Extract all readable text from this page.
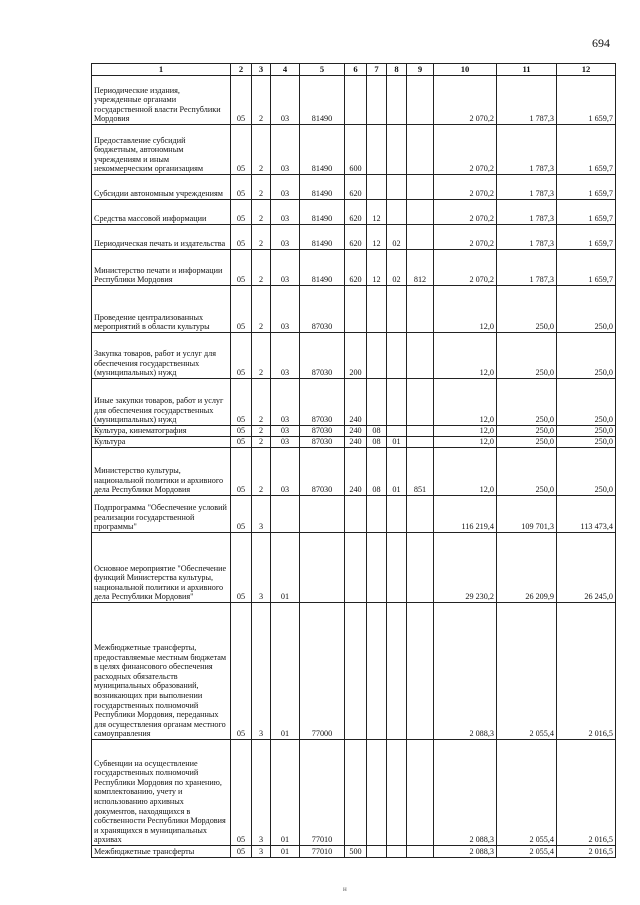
694
1	2	3	4	5	6	7	8	9	10	11	12
Периодические издания, учрежденные органами государственной власти Республики Мордовия	05	2	03	81490					2 070,2	1 787,3	1 659,7
Предоставление субсидий бюджетным, автономным учреждениям и иным некоммерческим организациям	05	2	03	81490	600				2 070,2	1 787,3	1 659,7
Субсидии автономным учреждениям	05	2	03	81490	620				2 070,2	1 787,3	1 659,7
Средства массовой информации	05	2	03	81490	620	12			2 070,2	1 787,3	1 659,7
Периодическая печать и издательства	05	2	03	81490	620	12	02		2 070,2	1 787,3	1 659,7
Министерство печати и информации Республики Мордовия	05	2	03	81490	620	12	02	812	2 070,2	1 787,3	1 659,7
Проведение централизованных мероприятий в области культуры	05	2	03	87030					12,0	250,0	250,0
Закупка товаров, работ и услуг для обеспечения государственных (муниципальных) нужд	05	2	03	87030	200				12,0	250,0	250,0
Иные закупки товаров, работ и услуг для обеспечения государственных (муниципальных) нужд	05	2	03	87030	240				12,0	250,0	250,0
Культура, кинематография	05	2	03	87030	240	08			12,0	250,0	250,0
Культура	05	2	03	87030	240	08	01		12,0	250,0	250,0
Министерство культуры, национальной политики и архивного дела Республики Мордовия	05	2	03	87030	240	08	01	851	12,0	250,0	250,0
Подпрограмма "Обеспечение условий реализации государственной программы"	05	3							116 219,4	109 701,3	113 473,4
Основное мероприятие "Обеспечение функций Министерства культуры, национальной политики и архивного дела Республики Мордовия"	05	3	01						29 230,2	26 209,9	26 245,0
Межбюджетные трансферты, предоставляемые местным бюджетам в целях финансового обеспечения расходных обязательств муниципальных образований, возникающих при выполнении государственных полномочий Республики Мордовия, переданных для осуществления органам местного самоуправления	05	3	01	77000					2 088,3	2 055,4	2 016,5
Субвенции на осуществление государственных полномочий Республики Мордовия по хранению, комплектованию, учету и использованию архивных документов, находящихся в собственности Республики Мордовия и хранящихся в муниципальных архивах	05	3	01	77010					2 088,3	2 055,4	2 016,5
Межбюджетные трансферты	05	3	01	77010	500				2 088,3	2 055,4	2 016,5
н
